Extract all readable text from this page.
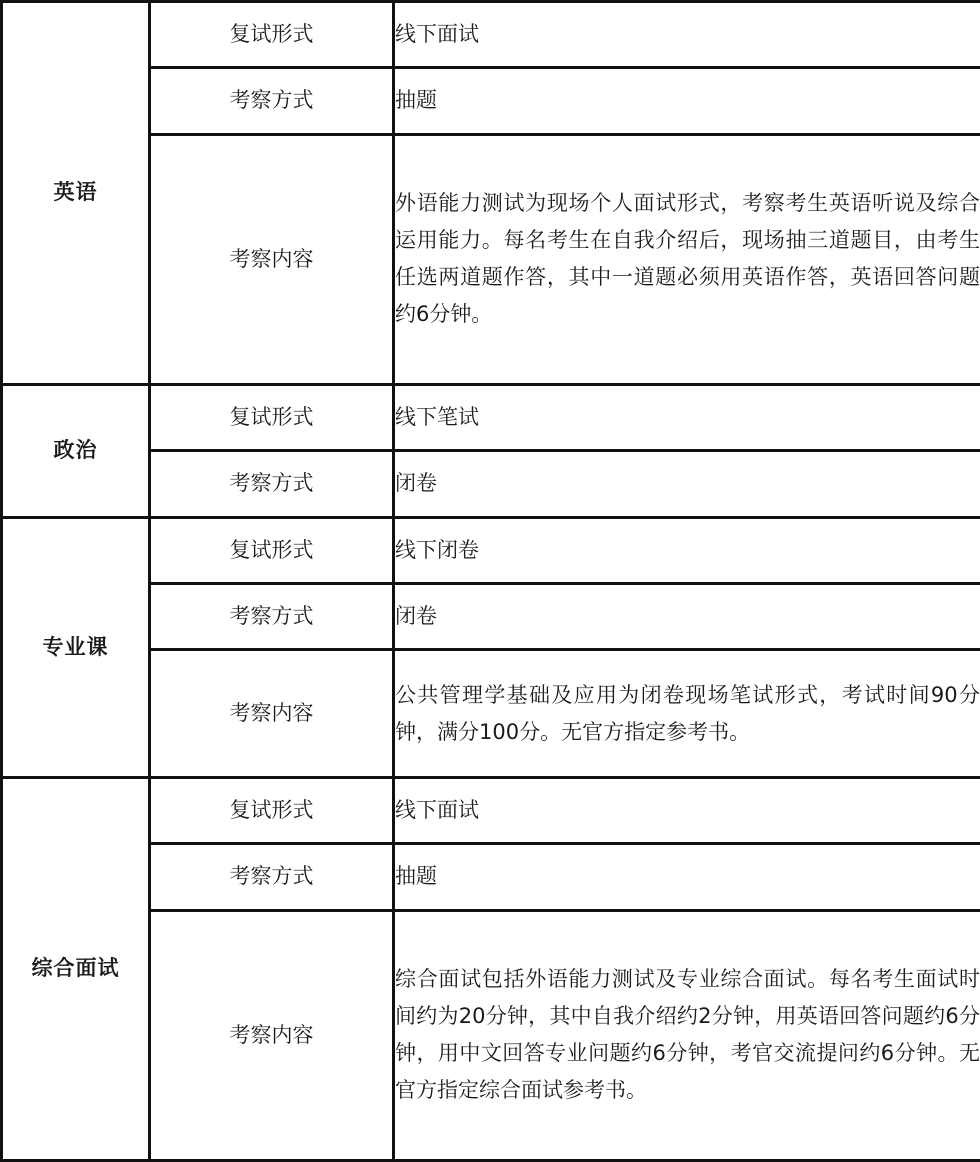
英语	复试形式	线下面试

	考察方式	抽题

	考察内容	外语能力测试为现场个人面试形式，考察考生英语听说及综合运用能力。每名考生在自我介绍后，现场抽三道题目，由考生任选两道题作答，其中一道题必须用英语作答，英语回答问题约6分钟。

政治	复试形式	线下笔试

	考察方式	闭卷

专业课	复试形式	线下闭卷

	考察方式	闭卷

	考察内容	公共管理学基础及应用为闭卷现场笔试形式，考试时间90分钟，满分100分。无官方指定参考书。

综合面试	复试形式	线下面试

	考察方式	抽题

	考察内容	综合面试包括外语能力测试及专业综合面试。每名考生面试时间约为20分钟，其中自我介绍约2分钟，用英语回答问题约6分钟，用中文回答专业问题约6分钟，考官交流提问约6分钟。无官方指定综合面试参考书。
